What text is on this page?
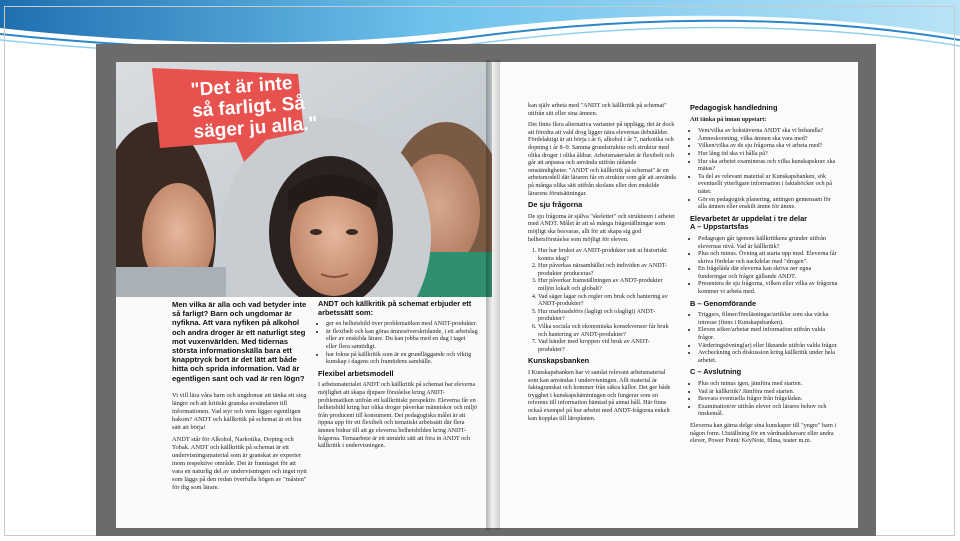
"Det är inte
så farligt. Så
säger ju alla."
Men vilka är alla och vad betyder inte så farligt? Barn och ungdomar är nyfikna. Att vara nyfiken på alkohol och andra droger är ett naturligt steg mot vuxenvärlden. Med tidernas största informationskälla bara ett knapptryck bort är det lätt att både hitta och sprida information. Vad är egentligen sant och vad är ren lögn?

Vi vill lära våra barn och ungdomar att tänka ett steg längre och att kritiskt granska avsändaren till informationen. Vad styr och vem ligger egentligen bakom? ANDT och källkritik på schemat är ett bra sätt att börja!

ANDT står för Alkohol, Narkotika, Doping och Tobak. ANDT och källkritik på schemat är ett undervisningsmaterial som är granskat av experter inom respektive område. Det är framtaget för att vara en naturlig del av undervisningen och inget nytt som läggs på den redan överfulla högen av "måsten" för dig som lärare.

ANDT och källkritik på schemat erbjuder ett arbetssätt som:
• ger en helhetsbild över problematiken med ANDT-produkter.
• är flexibelt och kan göras ämnesöverskridande, i ett arbetslag eller av enskilda lärare. Du kan jobba med en dag i taget eller flera samtidigt.
• har fokus på källkritik som är en grundläggande och viktig kunskap i dagens och framtidens samhälle.
Flexibel arbetsmodell

I arbetsmaterialet ANDT och källkritik på schemat har eleverna möjlighet att skapa djupare förståelse kring ANDT-problematiken utifrån ett källkritiskt perspektiv. Eleverna får en helhetsbild kring hur olika droger påverkar människor och miljö från producent till konsument. Det pedagogiska målet är att öppna upp för ett flexibelt och tematiskt arbetssätt där flera ämnen bidrar till att ge eleverna helhetsbilden kring ANDT-frågorna. Temaarbete är ett utmärkt sätt att föra in ANDT och källkritik i undervisningen.

kan själv arbeta med "ANDT och källkritik på schemat" utifrån sitt eller sina ämnen.

Det finns flera alternativa varianter på upplägg, det är dock att föredra att vald drog ligger nära elevernas debutålder. Fördelaktigt är att börja i år 6, alkohol i år 7, narkotika och dopning i år 8–9. Samma grundstruktur och struktur med olika droger i olika åldrar. Arbetsmaterialet är flexibelt och går att anpassa och använda utifrån rådande omständigheter. "ANDT och källkritik på schemat" är en arbetsmodell där läraren får en struktur som går att använda på många olika sätt utifrån skolans eller den enskilde lärarens förutsättningar.

De sju frågorna

De sju frågorna är själva "skelettet" och strukturen i arbetet med ANDT. Målet är att så många frågeställningar som möjligt ska besvaras, allt för att skapa sig god helhetsförståelse som möjligt för eleven.

1. Hur har bruket av ANDT-produkter sett ut historiskt kontra idag?
2. Hur påverkas närsamhället och individen av ANDT-produkter produceras?
3. Hur påverkar framställningen av ANDT-produkter miljön lokalt och globalt?
4. Vad säger lagar och regler om bruk och hantering av ANDT-produkter?
5. Hur marknadsförs (lagligt och olagligt) ANDT-produkter?
6. Vilka sociala och ekonomiska konsekvenser får bruk och hantering av ANDT-produkter?
7. Vad händer med kroppen vid bruk av ANDT-produkter?
Kunskapsbanken

I Kunskapsbanken har vi samlat relevant arbetsmaterial som kan användas i undervisningen. Allt material är faktagranskat och kommer från säkra källor. Det ger både trygghet i kunskapshämtningen och fungerar som en referens till information hämtad på annat håll. Här finns också exempel på hur arbetet med ANDT-frågorna enkelt kan kopplas till läroplanen.

Pedagogisk handledning

Att tänka på innan uppstart:

• Vem/vilka av bokstäverna ANDT ska vi behandla?
• Ämneskorsning, vilka ämnen ska vara med?
• Vilken/vilka av de sju frågorna ska vi arbeta med?
• Hur lång tid ska vi hålla på?
• Hur ska arbetet examineras och vilka kunskapskrav ska mätas?
• Ta del av relevant material ur Kunskapsbanken, sök eventuellt ytterligare information i faktaböcker och på nätet.
• Gör en pedagogisk planering, antingen gemensam för alla ämnen eller enskilt ämne för ämne.
Elevarbetet är uppdelat i tre delar
A – Uppstartsfas
• Pedagogen går igenom källkritikens grunder utifrån elevernas nivå. Vad är källkritik?
• Plus och minus. Övning att starta upp med. Eleverna får skriva fördelar och nackdelar med "drogen".
• En frågelåda där eleverna kan skriva ner egna funderingar och frågor gällande ANDT.
• Presentera de sju frågorna, vilken eller vilka av frågorna kommer vi arbeta med.
B – Genomförande
• Triggers, filmer/föreläsningar/artiklar som ska väcka intresse (finns i Kunskapsbanken).
• Eleven söker/arbetar med information utifrån valda frågor.
• Värderingsövning(ar) eller liknande utifrån valda frågor.
• Avcheckning och diskussion kring källkritik under hela arbetet.
C – Avslutning
• Plus och minus igen, jämföra med starten.
• Vad är källkritik? Jämföra med starten.
• Besvara eventuella frågor från frågelådan.
• Examination/er utifrån elever och lärares behov och önskemål.

Eleverna kan gärna delge sina kunskaper till "yngre" barn i någon form. Utställning för en vårdnadshavare eller andra elever, Power Point/ KeyNote, filma, teater m.m.
